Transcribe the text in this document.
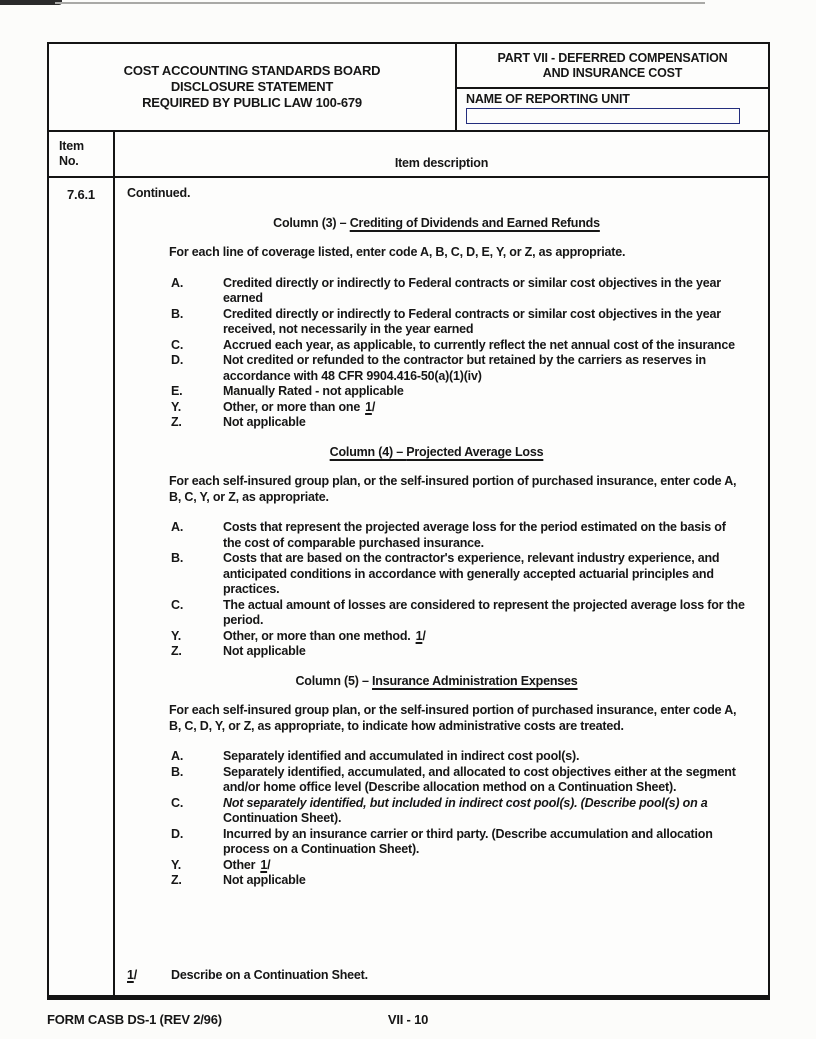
COST ACCOUNTING STANDARDS BOARD
DISCLOSURE STATEMENT
REQUIRED BY PUBLIC LAW 100-679
PART VII - DEFERRED COMPENSATION
AND INSURANCE COST
NAME OF REPORTING UNIT
Item
No.	Item description
7.6.1	Continued.

Column (3) – Crediting of Dividends and Earned Refunds

For each line of coverage listed, enter code A, B, C, D, E, Y, or Z, as appropriate.

A.	Credited directly or indirectly to Federal contracts or similar cost objectives in the year earned
B.	Credited directly or indirectly to Federal contracts or similar cost objectives in the year received, not necessarily in the year earned
C.	Accrued each year, as applicable, to currently reflect the net annual cost of the insurance
D.	Not credited or refunded to the contractor but retained by the carriers as reserves in accordance with 48 CFR 9904.416-50(a)(1)(iv)
E.	Manually Rated - not applicable
Y.	Other, or more than one 1/
Z.	Not applicable
Column (4) – Projected Average Loss

For each self-insured group plan, or the self-insured portion of purchased insurance, enter code A, B, C, Y, or Z, as appropriate.

A.	Costs that represent the projected average loss for the period estimated on the basis of the cost of comparable purchased insurance.
B.	Costs that are based on the contractor's experience, relevant industry experience, and anticipated conditions in accordance with generally accepted actuarial principles and practices.
C.	The actual amount of losses are considered to represent the projected average loss for the period.
Y.	Other, or more than one method. 1/
Z.	Not applicable
Column (5) – Insurance Administration Expenses

For each self-insured group plan, or the self-insured portion of purchased insurance, enter code A, B, C, D, Y, or Z, as appropriate, to indicate how administrative costs are treated.

A.	Separately identified and accumulated in indirect cost pool(s).
B.	Separately identified, accumulated, and allocated to cost objectives either at the segment and/or home office level (Describe allocation method on a Continuation Sheet).
C.	Not separately identified, but included in indirect cost pool(s). (Describe pool(s) on a Continuation Sheet).
D.	Incurred by an insurance carrier or third party. (Describe accumulation and allocation process on a Continuation Sheet).
Y.	Other 1/
Z.	Not applicable
1/	Describe on a Continuation Sheet.
FORM CASB DS-1 (REV 2/96)	VII - 10
